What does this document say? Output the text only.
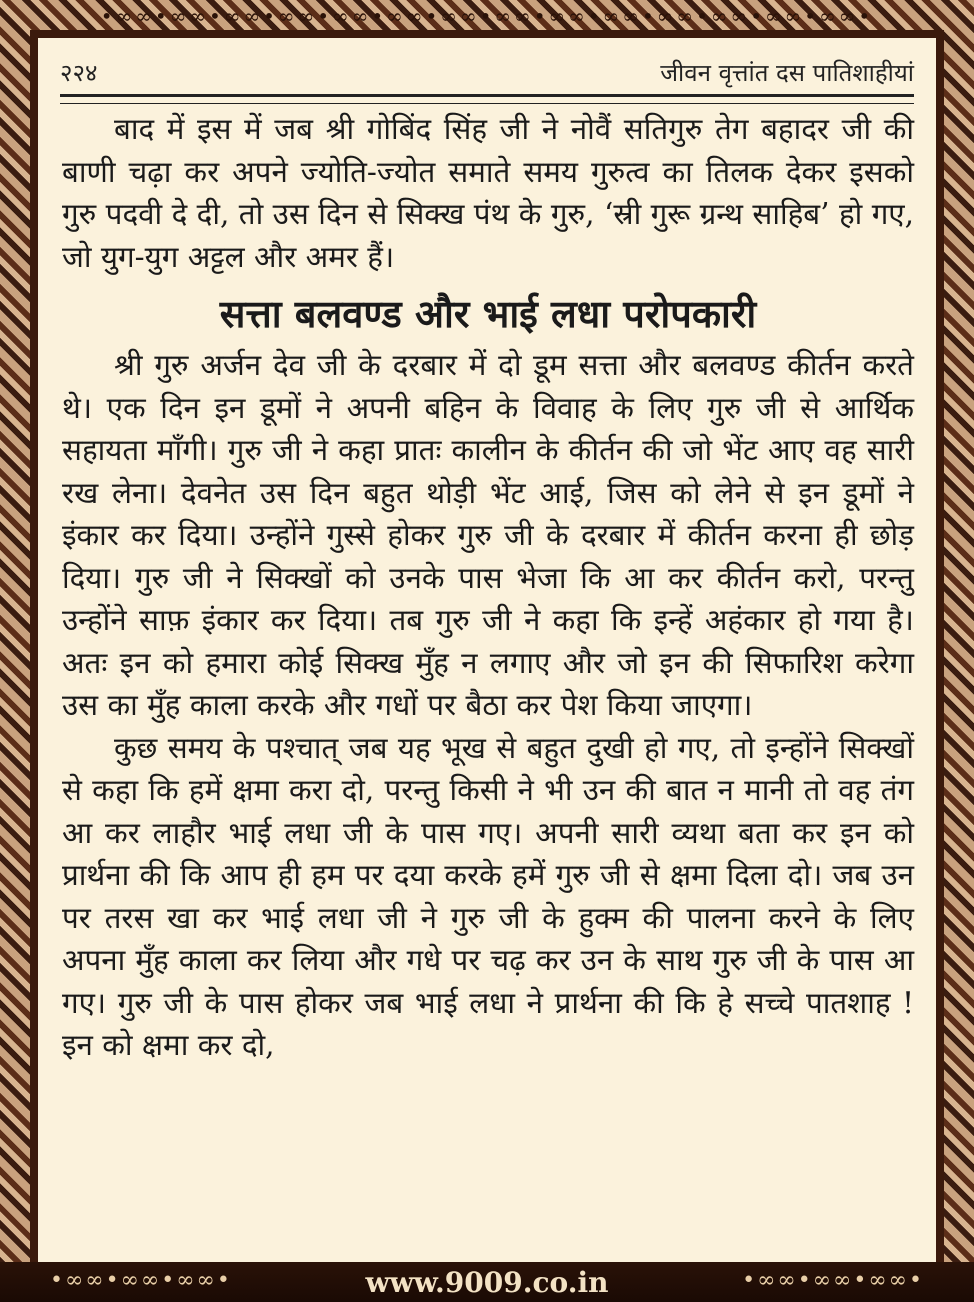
•∞∞•∞∞•∞∞•∞∞•∞∞•∞∞•∞∞•∞∞•∞∞•∞∞•∞∞•∞∞•∞∞•∞∞•
२२४	जीवन वृत्तांत दस पातिशाहीयां

बाद में इस में जब श्री गोबिंद सिंह जी ने नोवैं सतिगुरु तेग बहादर जी की बाणी चढ़ा कर अपने ज्योति-ज्योत समाते समय गुरुत्व का तिलक देकर इसको गुरु पदवी दे दी, तो उस दिन से सिक्ख पंथ के गुरु, ‘स्री गुरू ग्रन्थ साहिब’ हो गए, जो युग-युग अट्टल और अमर हैं।

सत्ता बलवण्ड और भाई लधा परोपकारी

श्री गुरु अर्जन देव जी के दरबार में दो डूम सत्ता और बलवण्ड कीर्तन करते थे। एक दिन इन डूमों ने अपनी बहिन के विवाह के लिए गुरु जी से आर्थिक सहायता माँगी। गुरु जी ने कहा प्रातः कालीन के कीर्तन की जो भेंट आए वह सारी रख लेना। देवनेत उस दिन बहुत थोड़ी भेंट आई, जिस को लेने से इन डूमों ने इंकार कर दिया। उन्होंने गुस्से होकर गुरु जी के दरबार में कीर्तन करना ही छोड़ दिया। गुरु जी ने सिक्खों को उनके पास भेजा कि आ कर कीर्तन करो, परन्तु उन्होंने साफ़ इंकार कर दिया। तब गुरु जी ने कहा कि इन्हें अहंकार हो गया है। अतः इन को हमारा कोई सिक्ख मुँह न लगाए और जो इन की सिफारिश करेगा उस का मुँह काला करके और गधों पर बैठा कर पेश किया जाएगा।

कुछ समय के पश्चात् जब यह भूख से बहुत दुखी हो गए, तो इन्होंने सिक्खों से कहा कि हमें क्षमा करा दो, परन्तु किसी ने भी उन की बात न मानी तो वह तंग आ कर लाहौर भाई लधा जी के पास गए। अपनी सारी व्यथा बता कर इन को प्रार्थना की कि आप ही हम पर दया करके हमें गुरु जी से क्षमा दिला दो। जब उन पर तरस खा कर भाई लधा जी ने गुरु जी के हुक्म की पालना करने के लिए अपना मुँह काला कर लिया और गधे पर चढ़ कर उन के साथ गुरु जी के पास आ गए। गुरु जी के पास होकर जब भाई लधा ने प्रार्थना की कि हे सच्चे पातशाह ! इन को क्षमा कर दो,

•∞∞•∞∞•∞∞•	•∞∞•∞∞•∞∞•
www.9009.co.in
